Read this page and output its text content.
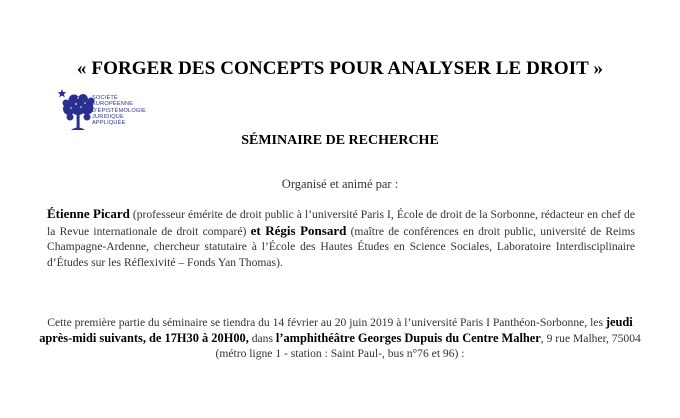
« FORGER DES CONCEPTS POUR ANALYSER LE DROIT »
SOCIÉTÉ
EUROPÉENNE
D'ÉPISTÉMOLOGIE
JURIDIQUE
APPLIQUÉE
SÉMINAIRE DE RECHERCHE
Organisé et animé par :
Étienne Picard (professeur émérite de droit public à l’université Paris I, École de droit de la Sorbonne, rédacteur en chef de la Revue internationale de droit comparé) et Régis Ponsard (maître de conférences en droit public, université de Reims Champagne-Ardenne, chercheur statutaire à l’École des Hautes Études en Science Sociales, Laboratoire Interdisciplinaire d’Études sur les Réflexivité – Fonds Yan Thomas).
Cette première partie du séminaire se tiendra du 14 février au 20 juin 2019 à l’université Paris I Panthéon-Sorbonne, les jeudi après-midi suivants, de 17H30 à 20H00, dans l’amphithéâtre Georges Dupuis du Centre Malher, 9 rue Malher, 75004 (métro ligne 1 - station : Saint Paul-, bus n°76 et 96) :
